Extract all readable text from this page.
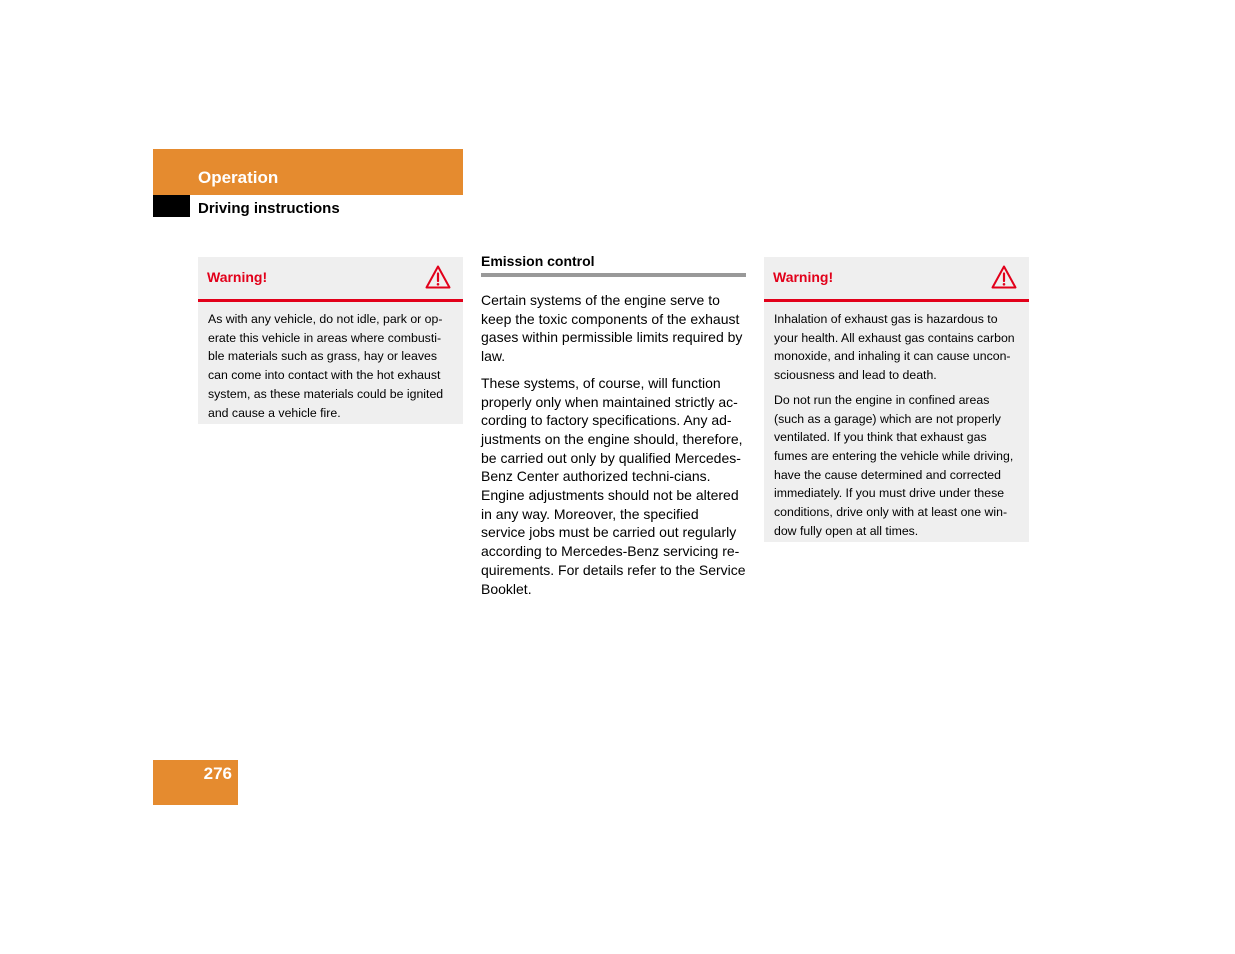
Operation
Driving instructions
Warning!

As with any vehicle, do not idle, park or op-erate this vehicle in areas where combusti-ble materials such as grass, hay or leaves can come into contact with the hot exhaust system, as these materials could be ignited and cause a vehicle fire.

Emission control

Certain systems of the engine serve to keep the toxic components of the exhaust gases within permissible limits required by law.

These systems, of course, will function properly only when maintained strictly ac-cording to factory specifications. Any ad-justments on the engine should, therefore, be carried out only by qualified Mercedes-Benz Center authorized techni-cians. Engine adjustments should not be altered in any way. Moreover, the specified service jobs must be carried out regularly according to Mercedes-Benz servicing re-quirements. For details refer to the Service Booklet.

Warning!

Inhalation of exhaust gas is hazardous to your health. All exhaust gas contains carbon monoxide, and inhaling it can cause uncon-sciousness and lead to death.

Do not run the engine in confined areas (such as a garage) which are not properly ventilated. If you think that exhaust gas fumes are entering the vehicle while driving, have the cause determined and corrected immediately. If you must drive under these conditions, drive only with at least one win-dow fully open at all times.

276
